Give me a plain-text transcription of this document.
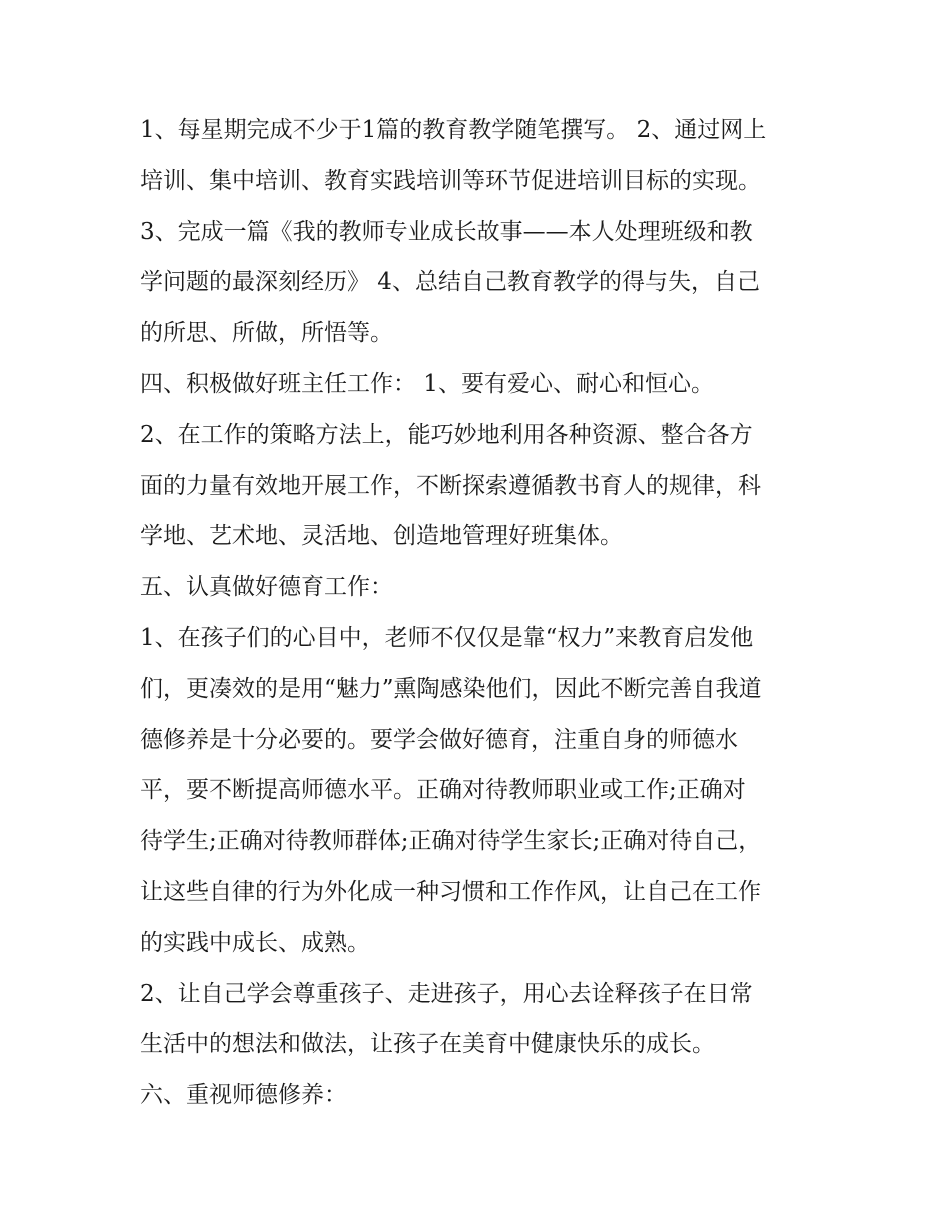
1、每星期完成不少于1篇的教育教学随笔撰写。 2、通过网上

培训、集中培训、教育实践培训等环节促进培训目标的实现。

3、完成一篇《我的教师专业成长故事——本人处理班级和教

学问题的最深刻经历》 4、总结自己教育教学的得与失，自己

的所思、所做，所悟等。

四、积极做好班主任工作： 1、要有爱心、耐心和恒心。

2、在工作的策略方法上，能巧妙地利用各种资源、整合各方

面的力量有效地开展工作，不断探索遵循教书育人的规律，科

学地、艺术地、灵活地、创造地管理好班集体。

五、认真做好德育工作：

1、在孩子们的心目中，老师不仅仅是靠“权力”来教育启发他

们，更凑效的是用“魅力”熏陶感染他们，因此不断完善自我道

德修养是十分必要的。要学会做好德育，注重自身的师德水

平，要不断提高师德水平。正确对待教师职业或工作;正确对

待学生;正确对待教师群体;正确对待学生家长;正确对待自己，

让这些自律的行为外化成一种习惯和工作作风，让自己在工作

的实践中成长、成熟。

2、让自己学会尊重孩子、走进孩子，用心去诠释孩子在日常

生活中的想法和做法，让孩子在美育中健康快乐的成长。

六、重视师德修养：
